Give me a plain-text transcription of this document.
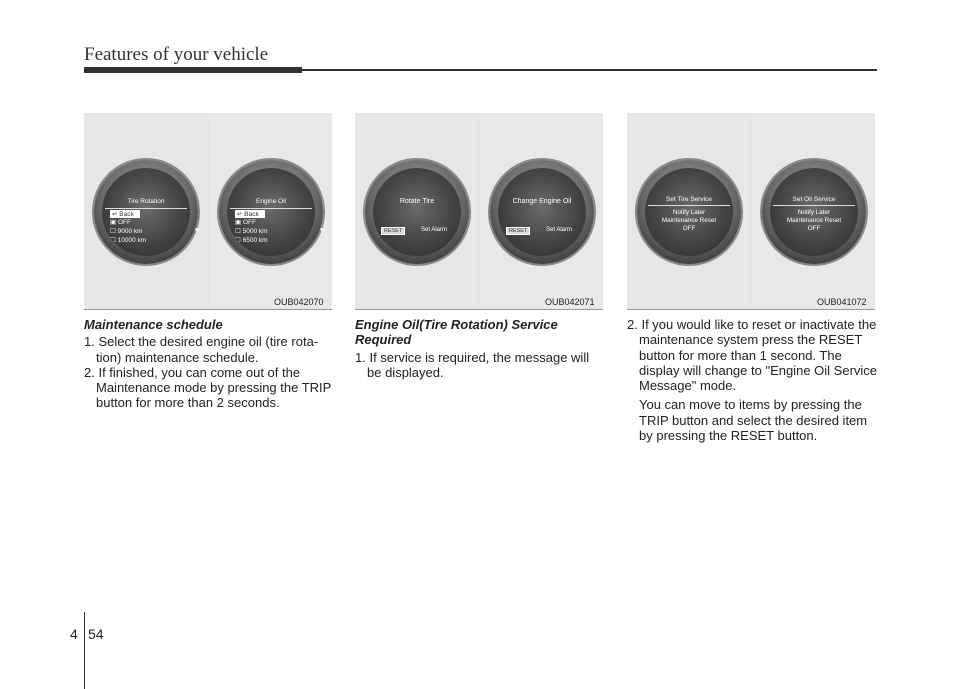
Features of your vehicle
Tire Rotation
↵ Back
▣ OFF
☐ 9000 km
☐ 10000 km
♥
Engine Oil
↵ Back
▣ OFF
☐ 5000 km
☐ 6500 km
♥
OUB042070
Rotate Tire
RESET	Set Alarm
Change Engine Oil
RESET	Set Alarm
OUB042071
Set Tire Service
Notify Later
Maintenance Reset
OFF
Set Oil Service
Notify Later
Maintenance Reset
OFF
OUB041072
Maintenance schedule

1. Select the desired engine oil (tire rota- tion) maintenance schedule.

2. If finished, you can come out of the Maintenance mode by pressing the TRIP button for more than 2 seconds.

Engine Oil(Tire Rotation) Service Required

1. If service is required, the message will be displayed.

2. If you would like to reset or inactivate the maintenance system press the RESET button for more than 1 second. The display will change to "Engine Oil Service Message" mode.

You can move to items by pressing the TRIP button and select the desired item by pressing the RESET button.

4 54
